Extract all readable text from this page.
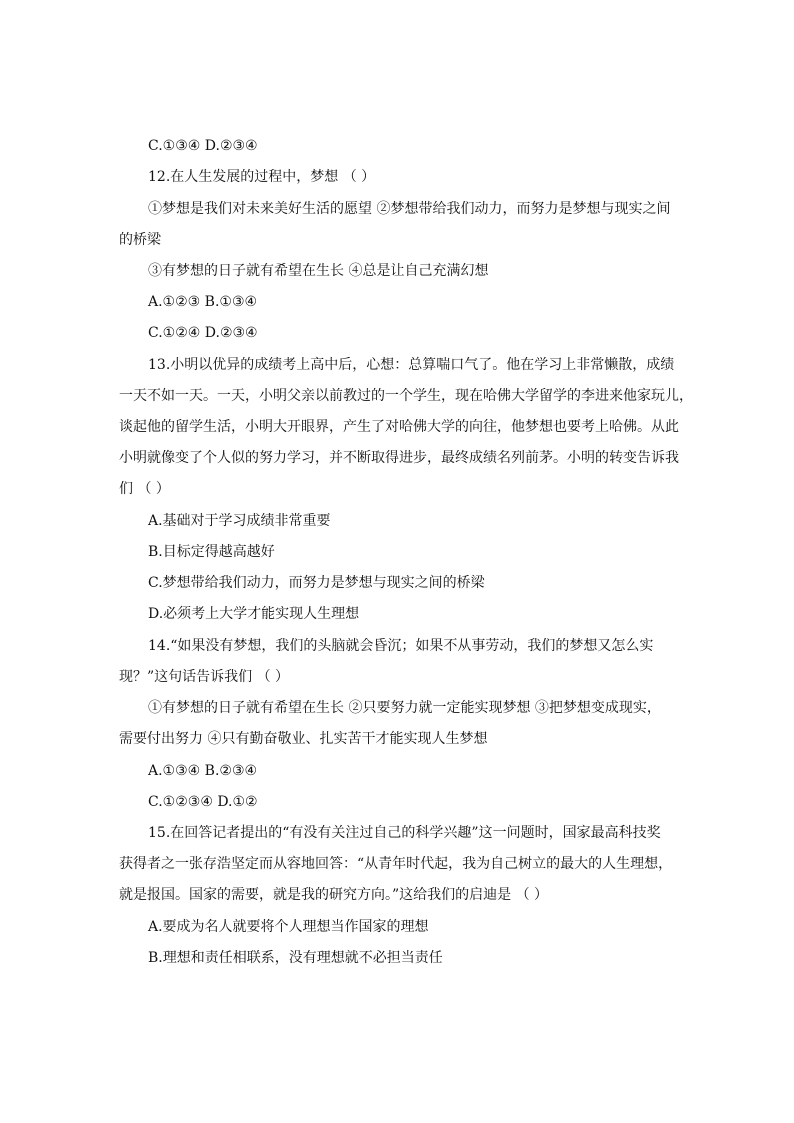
C.①③④ D.②③④
12.在人生发展的过程中，梦想 （ ）
①梦想是我们对未来美好生活的愿望 ②梦想带给我们动力，而努力是梦想与现实之间
的桥梁
③有梦想的日子就有希望在生长 ④总是让自己充满幻想
A.①②③ B.①③④
C.①②④ D.②③④
13.小明以优异的成绩考上高中后，心想：总算喘口气了。他在学习上非常懒散，成绩
一天不如一天。一天，小明父亲以前教过的一个学生，现在哈佛大学留学的李进来他家玩儿，
谈起他的留学生活，小明大开眼界，产生了对哈佛大学的向往，他梦想也要考上哈佛。从此
小明就像变了个人似的努力学习，并不断取得进步，最终成绩名列前茅。小明的转变告诉我
们 （ ）
A.基础对于学习成绩非常重要
B.目标定得越高越好
C.梦想带给我们动力，而努力是梦想与现实之间的桥梁
D.必须考上大学才能实现人生理想
14.“如果没有梦想，我们的头脑就会昏沉；如果不从事劳动，我们的梦想又怎么实
现？”这句话告诉我们 （ ）
①有梦想的日子就有希望在生长 ②只要努力就一定能实现梦想 ③把梦想变成现实，
需要付出努力 ④只有勤奋敬业、扎实苦干才能实现人生梦想
A.①③④ B.②③④
C.①②③④ D.①②
15.在回答记者提出的“有没有关注过自己的科学兴趣”这一问题时，国家最高科技奖
获得者之一张存浩坚定而从容地回答：“从青年时代起，我为自己树立的最大的人生理想，
就是报国。国家的需要，就是我的研究方向。”这给我们的启迪是 （ ）
A.要成为名人就要将个人理想当作国家的理想
B.理想和责任相联系，没有理想就不必担当责任
